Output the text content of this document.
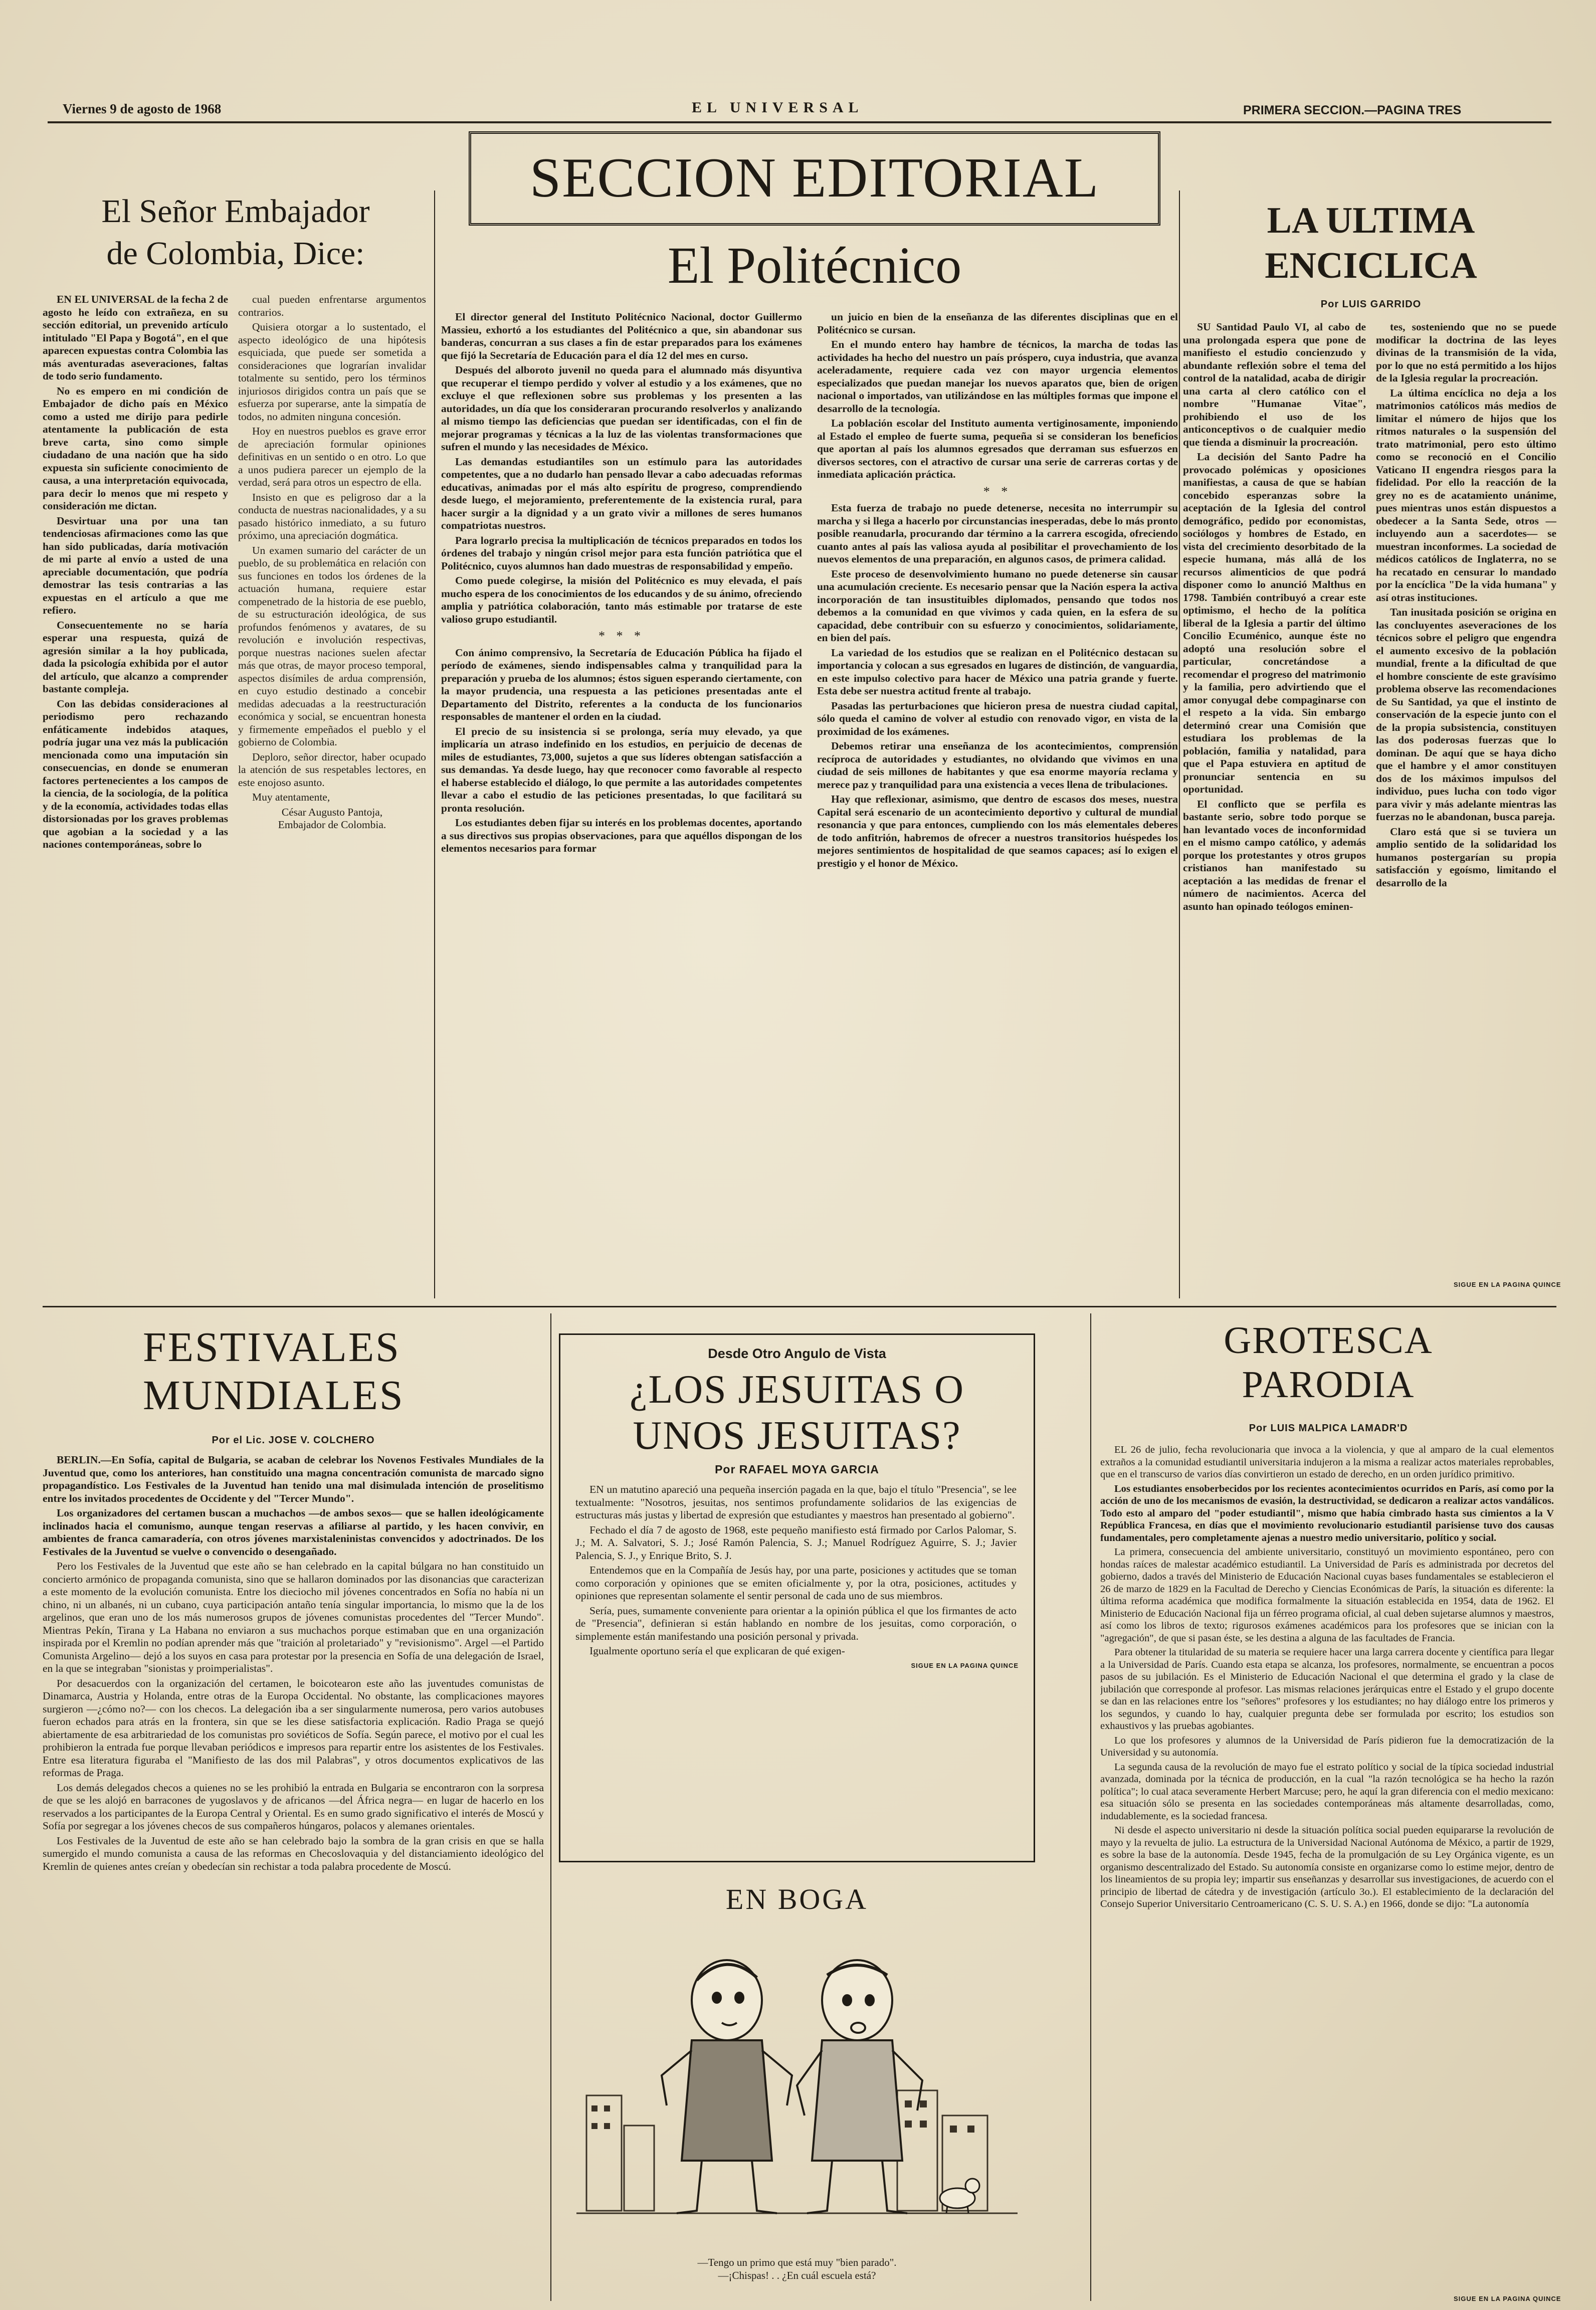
Viernes 9 de agosto de 1968	EL UNIVERSAL	PRIMERA SECCION.—PAGINA TRES
SECCION EDITORIAL
El Politécnico

El director general del Instituto Politécnico Nacional, doctor Guillermo Massieu, exhortó a los estudiantes del Politécnico a que, sin abandonar sus banderas, concurran a sus clases a fin de estar preparados para los exámenes que fijó la Secretaría de Educación para el día 12 del mes en curso.

Después del alboroto juvenil no queda para el alumnado más disyuntiva que recuperar el tiempo perdido y volver al estudio y a los exámenes, que no excluye el que reflexionen sobre sus problemas y los presenten a las autoridades, un día que los consideraran procurando resolverlos y analizando al mismo tiempo las deficiencias que puedan ser identificadas, con el fin de mejorar programas y técnicas a la luz de las violentas transformaciones que sufren el mundo y las necesidades de México.

Las demandas estudiantiles son un estímulo para las autoridades competentes, que a no dudarlo han pensado llevar a cabo adecuadas reformas educativas, animadas por el más alto espíritu de progreso, comprendiendo desde luego, el mejoramiento, preferentemente de la existencia rural, para hacer surgir a la dignidad y a un grato vivir a millones de seres humanos compatriotas nuestros.

Para lograrlo precisa la multiplicación de técnicos preparados en todos los órdenes del trabajo y ningún crisol mejor para esta función patriótica que el Politécnico, cuyos alumnos han dado muestras de responsabilidad y empeño.

Como puede colegirse, la misión del Politécnico es muy elevada, el país mucho espera de los conocimientos de los educandos y de su ánimo, ofreciendo amplia y patriótica colaboración, tanto más estimable por tratarse de este valioso grupo estudiantil.

* * *

Con ánimo comprensivo, la Secretaría de Educación Pública ha fijado el período de exámenes, siendo indispensables calma y tranquilidad para la preparación y prueba de los alumnos; éstos siguen esperando ciertamente, con la mayor prudencia, una respuesta a las peticiones presentadas ante el Departamento del Distrito, referentes a la conducta de los funcionarios responsables de mantener el orden en la ciudad.

El precio de su insistencia si se prolonga, sería muy elevado, ya que implicaría un atraso indefinido en los estudios, en perjuicio de decenas de miles de estudiantes, 73,000, sujetos a que sus líderes obtengan satisfacción a sus demandas. Ya desde luego, hay que reconocer como favorable al respecto el haberse establecido el diálogo, lo que permite a las autoridades competentes llevar a cabo el estudio de las peticiones presentadas, lo que facilitará su pronta resolución.

Los estudiantes deben fijar su interés en los problemas docentes, aportando a sus directivos sus propias observaciones, para que aquéllos dispongan de los elementos necesarios para formar

un juicio en bien de la enseñanza de las diferentes disciplinas que en el Politécnico se cursan.

En el mundo entero hay hambre de técnicos, la marcha de todas las actividades ha hecho del nuestro un país próspero, cuya industria, que avanza aceleradamente, requiere cada vez con mayor urgencia elementos especializados que puedan manejar los nuevos aparatos que, bien de origen nacional o importados, van utilizándose en las múltiples formas que impone el desarrollo de la tecnología.

La población escolar del Instituto aumenta vertiginosamente, imponiendo al Estado el empleo de fuerte suma, pequeña si se consideran los beneficios que aportan al país los alumnos egresados que derraman sus esfuerzos en diversos sectores, con el atractivo de cursar una serie de carreras cortas y de inmediata aplicación práctica.

* *

Esta fuerza de trabajo no puede detenerse, necesita no interrumpir su marcha y si llega a hacerlo por circunstancias inesperadas, debe lo más pronto posible reanudarla, procurando dar término a la carrera escogida, ofreciendo cuanto antes al país las valiosa ayuda al posibilitar el provechamiento de los nuevos elementos de una preparación, en algunos casos, de primera calidad.

Este proceso de desenvolvimiento humano no puede detenerse sin causar una acumulación creciente. Es necesario pensar que la Nación espera la activa incorporación de tan insustituibles diplomados, pensando que todos nos debemos a la comunidad en que vivimos y cada quien, en la esfera de su capacidad, debe contribuir con su esfuerzo y conocimientos, solidariamente, en bien del país.

La variedad de los estudios que se realizan en el Politécnico destacan su importancia y colocan a sus egresados en lugares de distinción, de vanguardia, en este impulso colectivo para hacer de México una patria grande y fuerte. Esta debe ser nuestra actitud frente al trabajo.

Pasadas las perturbaciones que hicieron presa de nuestra ciudad capital, sólo queda el camino de volver al estudio con renovado vigor, en vista de la proximidad de los exámenes.

Debemos retirar una enseñanza de los acontecimientos, comprensión recíproca de autoridades y estudiantes, no olvidando que vivimos en una ciudad de seis millones de habitantes y que esa enorme mayoría reclama y merece paz y tranquilidad para una existencia a veces llena de tribulaciones.

Hay que reflexionar, asimismo, que dentro de escasos dos meses, nuestra Capital será escenario de un acontecimiento deportivo y cultural de mundial resonancia y que para entonces, cumpliendo con los más elementales deberes de todo anfitrión, habremos de ofrecer a nuestros transitorios huéspedes los mejores sentimientos de hospitalidad de que seamos capaces; así lo exigen el prestigio y el honor de México.

El Señor Embajador
de Colombia, Dice:

EN EL UNIVERSAL de la fecha 2 de agosto he leído con extrañeza, en su sección editorial, un prevenido artículo intitulado "El Papa y Bogotá", en el que aparecen expuestas contra Colombia las más aventuradas aseveraciones, faltas de todo serio fundamento.

No es empero en mi condición de Embajador de dicho país en México como a usted me dirijo para pedirle atentamente la publicación de esta breve carta, sino como simple ciudadano de una nación que ha sido expuesta sin suficiente conocimiento de causa, a una interpretación equivocada, para decir lo menos que mi respeto y consideración me dictan.

Desvirtuar una por una tan tendenciosas afirmaciones como las que han sido publicadas, daría motivación de mi parte al envío a usted de una apreciable documentación, que podría demostrar las tesis contrarias a las expuestas en el artículo a que me refiero.

Consecuentemente no se haría esperar una respuesta, quizá de agresión similar a la hoy publicada, dada la psicología exhibida por el autor del artículo, que alcanzo a comprender bastante compleja.

Con las debidas consideraciones al periodismo pero rechazando enfáticamente indebidos ataques, podría jugar una vez más la publicación mencionada como una imputación sin consecuencias, en donde se enumeran factores pertenecientes a los campos de la ciencia, de la sociología, de la política y de la economía, actividades todas ellas distorsionadas por los graves problemas que agobian a la sociedad y a las naciones contemporáneas, sobre lo

cual pueden enfrentarse argumentos contrarios.

Quisiera otorgar a lo sustentado, el aspecto ideológico de una hipótesis esquiciada, que puede ser sometida a consideraciones que lograrían invalidar totalmente su sentido, pero los términos injuriosos dirigidos contra un país que se esfuerza por superarse, ante la simpatía de todos, no admiten ninguna concesión.

Hoy en nuestros pueblos es grave error de apreciación formular opiniones definitivas en un sentido o en otro. Lo que a unos pudiera parecer un ejemplo de la verdad, será para otros un espectro de ella.

Insisto en que es peligroso dar a la conducta de nuestras nacionalidades, y a su pasado histórico inmediato, a su futuro próximo, una apreciación dogmática.

Un examen sumario del carácter de un pueblo, de su problemática en relación con sus funciones en todos los órdenes de la actuación humana, requiere estar compenetrado de la historia de ese pueblo, de su estructuración ideológica, de sus profundos fenómenos y avatares, de su revolución e involución respectivas, porque nuestras naciones suelen afectar más que otras, de mayor proceso temporal, aspectos disímiles de ardua comprensión, en cuyo estudio destinado a concebir medidas adecuadas a la reestructuración económica y social, se encuentran honesta y firmemente empeñados el pueblo y el gobierno de Colombia.

Deploro, señor director, haber ocupado la atención de sus respetables lectores, en este enojoso asunto.

Muy atentamente,

César Augusto Pantoja,
Embajador de Colombia.
LA ULTIMA
ENCICLICA
Por LUIS GARRIDO

SU Santidad Paulo VI, al cabo de una prolongada espera que pone de manifiesto el estudio concienzudo y abundante reflexión sobre el tema del control de la natalidad, acaba de dirigir una carta al clero católico con el nombre "Humanae Vitae", prohibiendo el uso de los anticonceptivos o de cualquier medio que tienda a disminuir la procreación.

La decisión del Santo Padre ha provocado polémicas y oposiciones manifiestas, a causa de que se habían concebido esperanzas sobre la aceptación de la Iglesia del control demográfico, pedido por economistas, sociólogos y hombres de Estado, en vista del crecimiento desorbitado de la especie humana, más allá de los recursos alimenticios de que podrá disponer como lo anunció Malthus en 1798. También contribuyó a crear este optimismo, el hecho de la política liberal de la Iglesia a partir del último Concilio Ecuménico, aunque éste no adoptó una resolución sobre el particular, concretándose a recomendar el progreso del matrimonio y la familia, pero advirtiendo que el amor conyugal debe compaginarse con el respeto a la vida. Sin embargo determinó crear una Comisión que estudiara los problemas de la población, familia y natalidad, para que el Papa estuviera en aptitud de pronunciar sentencia en su oportunidad.

El conflicto que se perfila es bastante serio, sobre todo porque se han levantado voces de inconformidad en el mismo campo católico, y además porque los protestantes y otros grupos cristianos han manifestado su aceptación a las medidas de frenar el número de nacimientos. Acerca del asunto han opinado teólogos eminen-

tes, sosteniendo que no se puede modificar la doctrina de las leyes divinas de la transmisión de la vida, por lo que no está permitido a los hijos de la Iglesia regular la procreación.

La última encíclica no deja a los matrimonios católicos más medios de limitar el número de hijos que los ritmos naturales o la suspensión del trato matrimonial, pero esto último como se reconoció en el Concilio Vaticano II engendra riesgos para la fidelidad. Por ello la reacción de la grey no es de acatamiento unánime, pues mientras unos están dispuestos a obedecer a la Santa Sede, otros —incluyendo aun a sacerdotes— se muestran inconformes. La sociedad de médicos católicos de Inglaterra, no se ha recatado en censurar lo mandado por la encíclica "De la vida humana" y así otras instituciones.

Tan inusitada posición se origina en las concluyentes aseveraciones de los técnicos sobre el peligro que engendra el aumento excesivo de la población mundial, frente a la dificultad de que el hombre consciente de este gravísimo problema observe las recomendaciones de Su Santidad, ya que el instinto de conservación de la especie junto con el de la propia subsistencia, constituyen las dos poderosas fuerzas que lo dominan. De aquí que se haya dicho que el hambre y el amor constituyen dos de los máximos impulsos del individuo, pues lucha con todo vigor para vivir y más adelante mientras las fuerzas no le abandonan, busca pareja.

Claro está que si se tuviera un amplio sentido de la solidaridad los humanos postergarían su propia satisfacción y egoísmo, limitando el desarrollo de la

SIGUE EN LA PAGINA QUINCE
FESTIVALES
MUNDIALES
Por el Lic. JOSE V. COLCHERO

BERLIN.—En Sofía, capital de Bulgaria, se acaban de celebrar los Novenos Festivales Mundiales de la Juventud que, como los anteriores, han constituido una magna concentración comunista de marcado signo propagandístico. Los Festivales de la Juventud han tenido una mal disimulada intención de proselitismo entre los invitados procedentes de Occidente y del "Tercer Mundo".

Los organizadores del certamen buscan a muchachos —de ambos sexos— que se hallen ideológicamente inclinados hacia el comunismo, aunque tengan reservas a afiliarse al partido, y les hacen convivir, en ambientes de franca camaradería, con otros jóvenes marxistaleninistas convencidos y adoctrinados. De los Festivales de la Juventud se vuelve o convencido o desengañado.

Pero los Festivales de la Juventud que este año se han celebrado en la capital búlgara no han constituido un concierto armónico de propaganda comunista, sino que se hallaron dominados por las disonancias que caracterizan a este momento de la evolución comunista. Entre los dieciocho mil jóvenes concentrados en Sofía no había ni un chino, ni un albanés, ni un cubano, cuya participación antaño tenía singular importancia, lo mismo que la de los argelinos, que eran uno de los más numerosos grupos de jóvenes comunistas procedentes del "Tercer Mundo". Mientras Pekín, Tirana y La Habana no enviaron a sus muchachos porque estimaban que en una organización inspirada por el Kremlin no podían aprender más que "traición al proletariado" y "revisionismo". Argel —el Partido Comunista Argelino— dejó a los suyos en casa para protestar por la presencia en Sofía de una delegación de Israel, en la que se integraban "sionistas y proimperialistas".

Por desacuerdos con la organización del certamen, le boicotearon este año las juventudes comunistas de Dinamarca, Austria y Holanda, entre otras de la Europa Occidental. No obstante, las complicaciones mayores surgieron —¿cómo no?— con los checos. La delegación iba a ser singularmente numerosa, pero varios autobuses fueron echados para atrás en la frontera, sin que se les diese satisfactoria explicación. Radio Praga se quejó abiertamente de esa arbitrariedad de los comunistas pro soviéticos de Sofía. Según parece, el motivo por el cual les prohibieron la entrada fue porque llevaban periódicos e impresos para repartir entre los asistentes de los Festivales. Entre esa literatura figuraba el "Manifiesto de las dos mil Palabras", y otros documentos explicativos de las reformas de Praga.

Los demás delegados checos a quienes no se les prohibió la entrada en Bulgaria se encontraron con la sorpresa de que se les alojó en barracones de yugoslavos y de africanos —del África negra— en lugar de hacerlo en los reservados a los participantes de la Europa Central y Oriental. Es en sumo grado significativo el interés de Moscú y Sofía por segregar a los jóvenes checos de sus compañeros húngaros, polacos y alemanes orientales.

Los Festivales de la Juventud de este año se han celebrado bajo la sombra de la gran crisis en que se halla sumergido el mundo comunista a causa de las reformas en Checoslovaquia y del distanciamiento ideológico del Kremlin de quienes antes creían y obedecían sin rechistar a toda palabra procedente de Moscú.

Desde Otro Angulo de Vista
¿LOS JESUITAS O
UNOS JESUITAS?
Por RAFAEL MOYA GARCIA

EN un matutino apareció una pequeña inserción pagada en la que, bajo el título "Presencia", se lee textualmente: "Nosotros, jesuitas, nos sentimos profundamente solidarios de las exigencias de estructuras más justas y libertad de expresión que estudiantes y maestros han presentado al gobierno".

Fechado el día 7 de agosto de 1968, este pequeño manifiesto está firmado por Carlos Palomar, S. J.; M. A. Salvatori, S. J.; José Ramón Palencia, S. J.; Manuel Rodríguez Aguirre, S. J.; Javier Palencia, S. J., y Enrique Brito, S. J.

Entendemos que en la Compañía de Jesús hay, por una parte, posiciones y actitudes que se toman como corporación y opiniones que se emiten oficialmente y, por la otra, posiciones, actitudes y opiniones que representan solamente el sentir personal de cada uno de sus miembros.

Sería, pues, sumamente conveniente para orientar a la opinión pública el que los firmantes de acto de "Presencia", definieran si están hablando en nombre de los jesuitas, como corporación, o simplemente están manifestando una posición personal y privada.

Igualmente oportuno sería el que explicaran de qué exigen-

SIGUE EN LA PAGINA QUINCE
EN BOGA
—Tengo un primo que está muy "bien parado".
—¡Chispas! . . ¿En cuál escuela está?
GROTESCA
PARODIA
Por LUIS MALPICA LAMADR'D

EL 26 de julio, fecha revolucionaria que invoca a la violencia, y que al amparo de la cual elementos extraños a la comunidad estudiantil universitaria indujeron a la misma a realizar actos materiales reprobables, que en el transcurso de varios días convirtieron un estado de derecho, en un orden jurídico primitivo.

Los estudiantes ensoberbecidos por los recientes acontecimientos ocurridos en París, así como por la acción de uno de los mecanismos de evasión, la destructividad, se dedicaron a realizar actos vandálicos. Todo esto al amparo del "poder estudiantil", mismo que había cimbrado hasta sus cimientos a la V República Francesa, en días que el movimiento revolucionario estudiantil parisiense tuvo dos causas fundamentales, pero completamente ajenas a nuestro medio universitario, político y social.

La primera, consecuencia del ambiente universitario, constituyó un movimiento espontáneo, pero con hondas raíces de malestar académico estudiantil. La Universidad de París es administrada por decretos del gobierno, dados a través del Ministerio de Educación Nacional cuyas bases fundamentales se establecieron el 26 de marzo de 1829 en la Facultad de Derecho y Ciencias Económicas de París, la situación es diferente: la última reforma académica que modifica formalmente la situación establecida en 1954, data de 1962. El Ministerio de Educación Nacional fija un férreo programa oficial, al cual deben sujetarse alumnos y maestros, así como los libros de texto; rigurosos exámenes académicos para los profesores que se inician con la "agregación", de que si pasan éste, se les destina a alguna de las facultades de Francia.

Para obtener la titularidad de su materia se requiere hacer una larga carrera docente y científica para llegar a la Universidad de París. Cuando esta etapa se alcanza, los profesores, normalmente, se encuentran a pocos pasos de su jubilación. Es el Ministerio de Educación Nacional el que determina el grado y la clase de jubilación que corresponde al profesor. Las mismas relaciones jerárquicas entre el Estado y el grupo docente se dan en las relaciones entre los "señores" profesores y los estudiantes; no hay diálogo entre los primeros y los segundos, y cuando lo hay, cualquier pregunta debe ser formulada por escrito; los estudios son exhaustivos y las pruebas agobiantes.

Lo que los profesores y alumnos de la Universidad de París pidieron fue la democratización de la Universidad y su autonomía.

La segunda causa de la revolución de mayo fue el estrato político y social de la típica sociedad industrial avanzada, dominada por la técnica de producción, en la cual "la razón tecnológica se ha hecho la razón política"; lo cual ataca severamente Herbert Marcuse; pero, he aquí la gran diferencia con el medio mexicano: esa situación sólo se presenta en las sociedades contemporáneas más altamente desarrolladas, como, indudablemente, es la sociedad francesa.

Ni desde el aspecto universitario ni desde la situación política social pueden equipararse la revolución de mayo y la revuelta de julio. La estructura de la Universidad Nacional Autónoma de México, a partir de 1929, es sobre la base de la autonomía. Desde 1945, fecha de la promulgación de su Ley Orgánica vigente, es un organismo descentralizado del Estado. Su autonomía consiste en organizarse como lo estime mejor, dentro de los lineamientos de su propia ley; impartir sus enseñanzas y desarrollar sus investigaciones, de acuerdo con el principio de libertad de cátedra y de investigación (artículo 3o.). El establecimiento de la declaración del Consejo Superior Universitario Centroamericano (C. S. U. S. A.) en 1966, donde se dijo: "La autonomía

SIGUE EN LA PAGINA QUINCE
